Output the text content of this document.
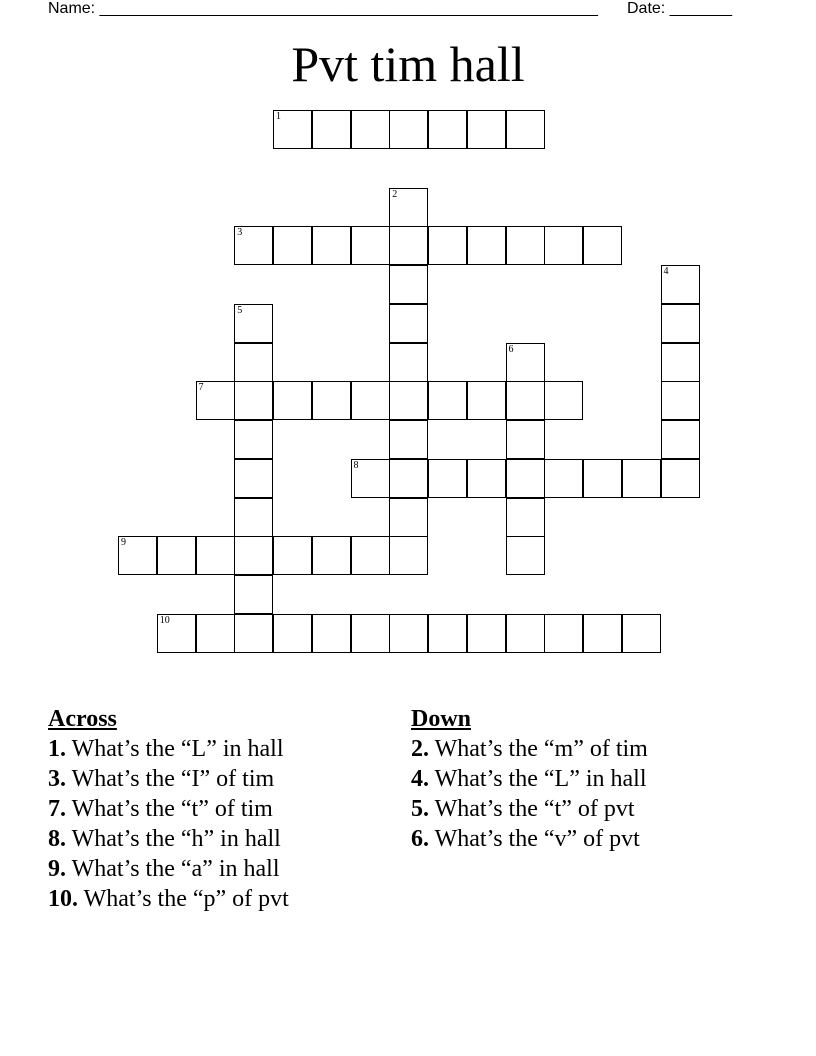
Name: ________________________________________________________ Date: _______
Pvt tim hall
1
2
3
4
5
6
7
8
9
10
Across
1. What’s the “L” in hall
3. What’s the “I” of tim
7. What’s the “t” of tim
8. What’s the “h” in hall
9. What’s the “a” in hall
10. What’s the “p” of pvt
Down
2. What’s the “m” of tim
4. What’s the “L” in hall
5. What’s the “t” of pvt
6. What’s the “v” of pvt
